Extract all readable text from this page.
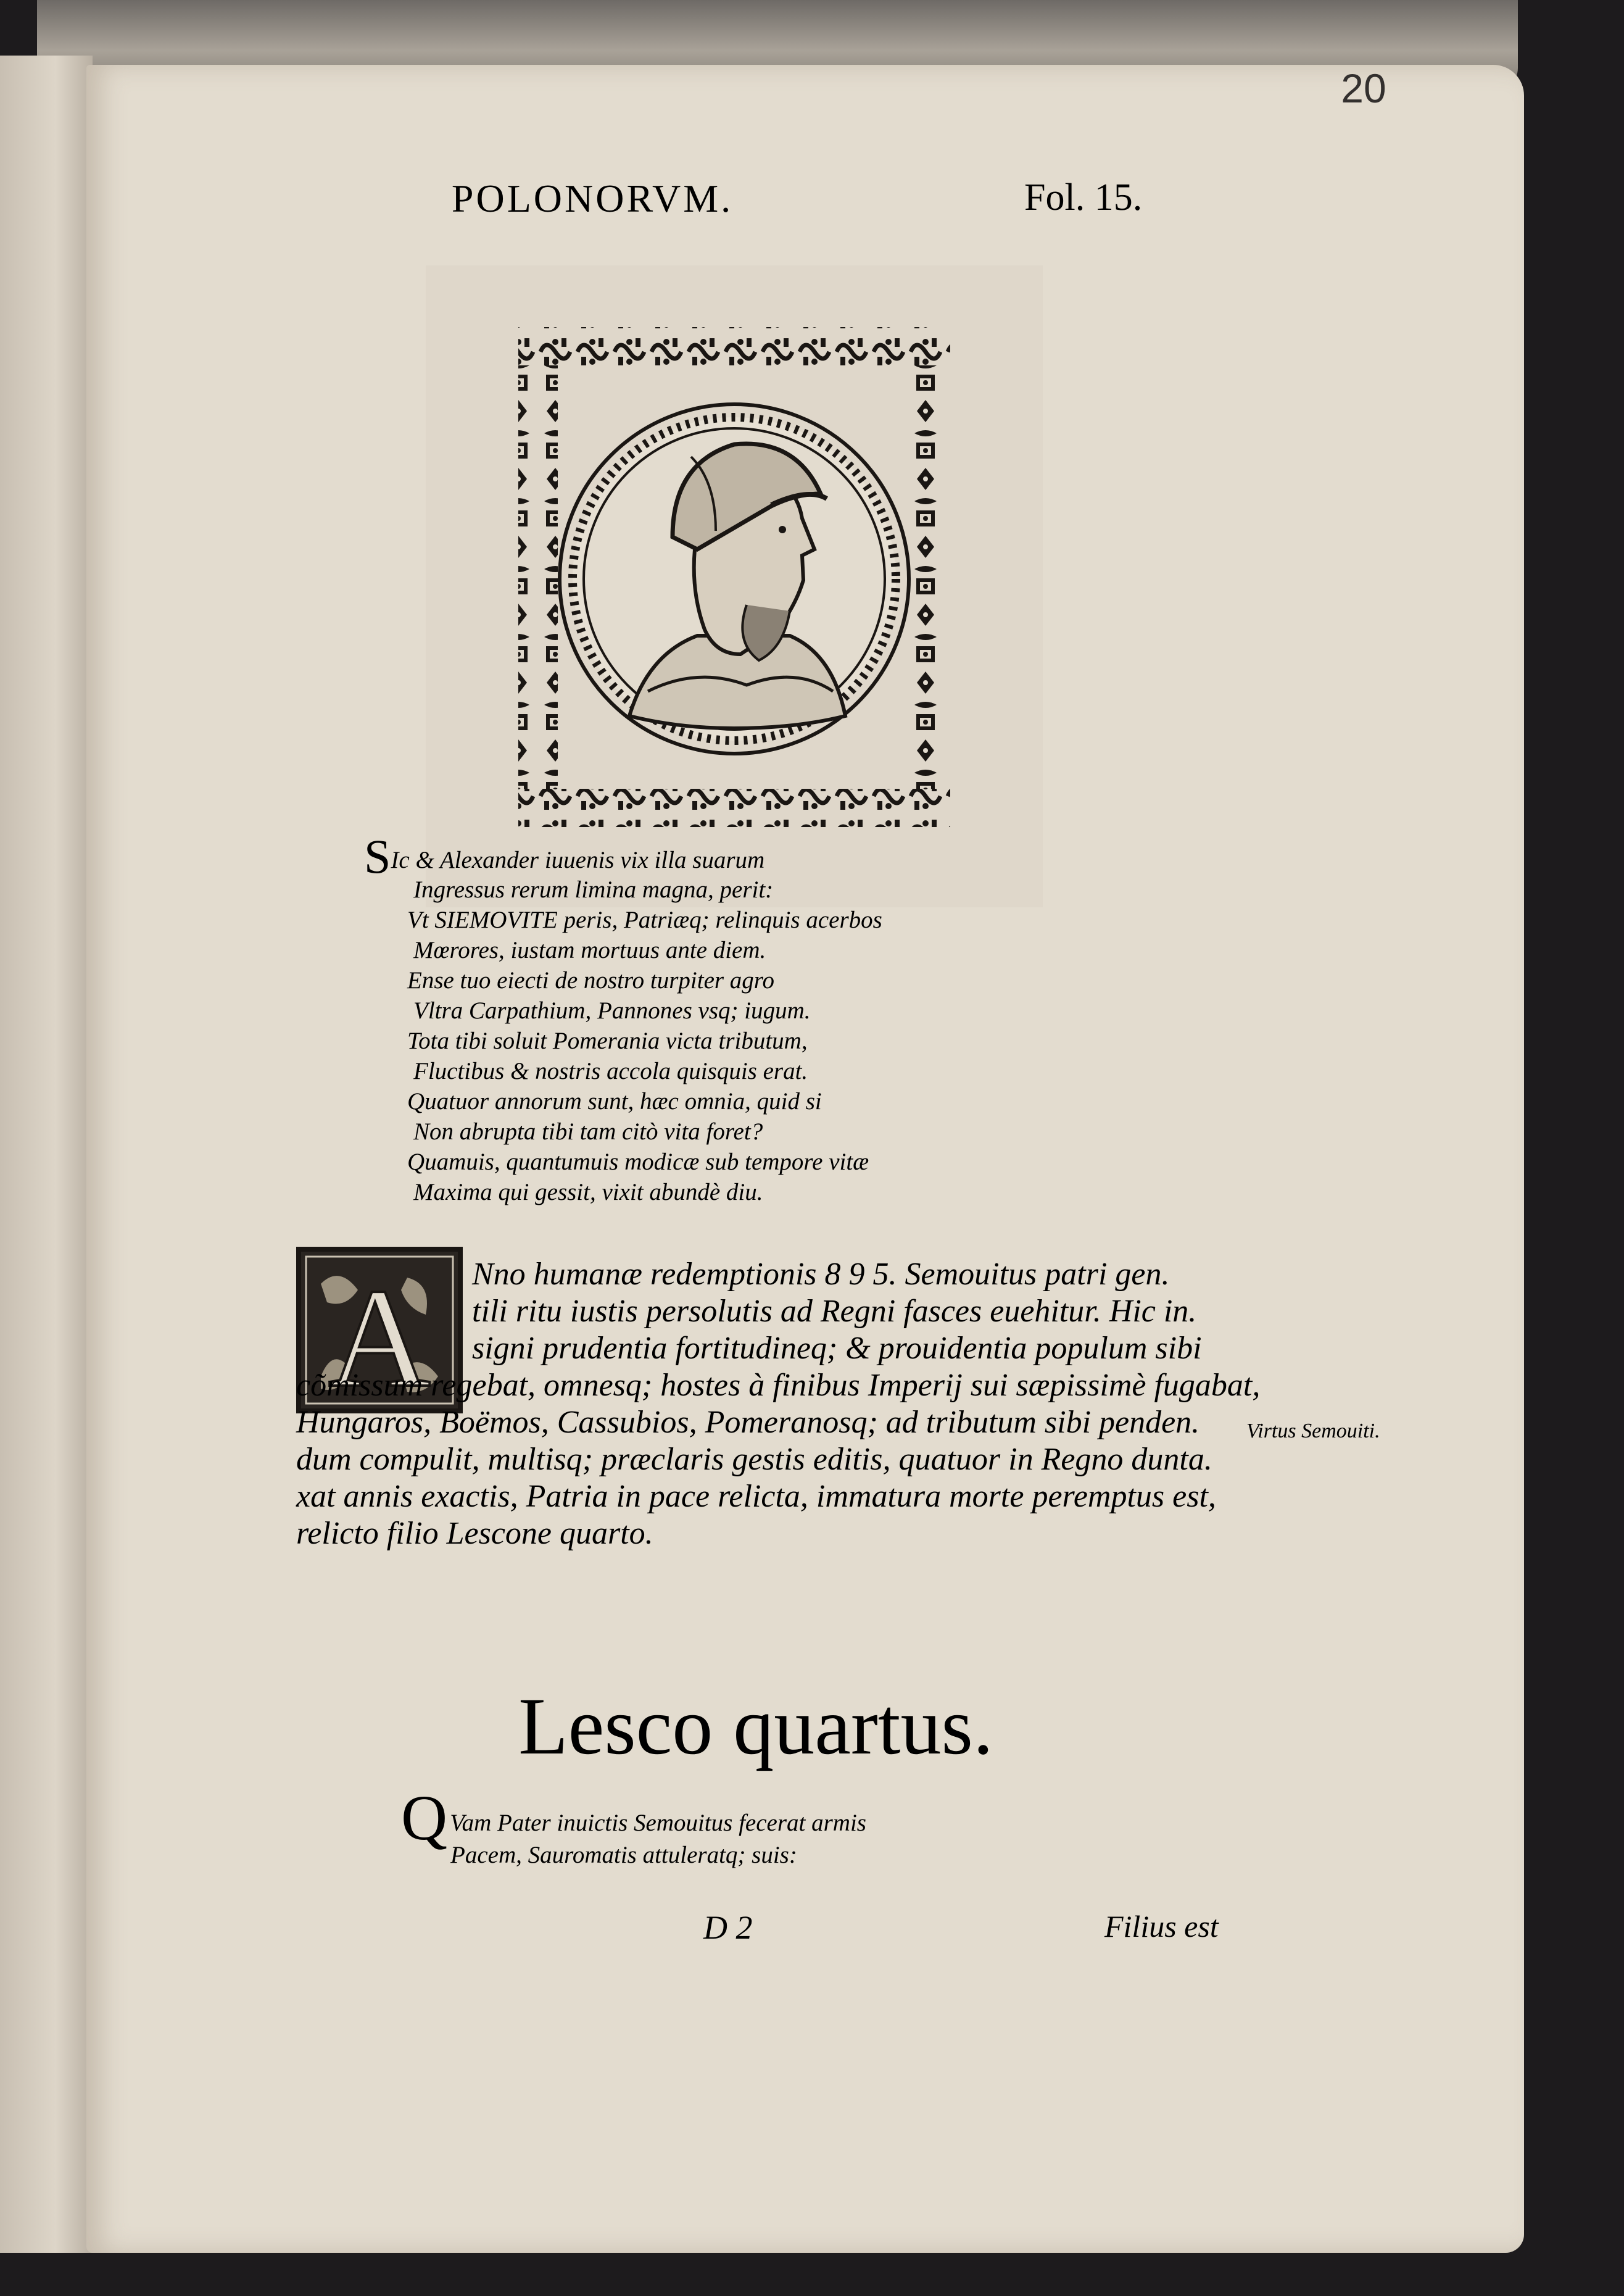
20
POLONORVM.	Fol. 15.
SIc & Alexander iuuenis vix illa suarum
Ingressus rerum limina magna, perit:
Vt SIEMOVITE peris, Patriæq; relinquis acerbos
Mœrores, iustam mortuus ante diem.
Ense tuo eiecti de nostro turpiter agro
Vltra Carpathium, Pannones vsq; iugum.
Tota tibi soluit Pomerania victa tributum,
Fluctibus & nostris accola quisquis erat.
Quatuor annorum sunt, hæc omnia, quid si
Non abrupta tibi tam citò vita foret?
Quamuis, quantumuis modicæ sub tempore vitæ
Maxima qui gessit, vixit abundè diu.
A	Nno humanæ redemptionis 8 9 5. Semouitus patri gen.
tili ritu iustis persolutis ad Regni fasces euehitur. Hic in.
signi prudentia fortitudineq; & prouidentia populum sibi
cõmissum regebat, omnesq; hostes à finibus Imperij sui sæpissimè fugabat,
Hungaros, Boëmos, Cassubios, Pomeranosq; ad tributum sibi penden.
dum compulit, multisq; præclaris gestis editis, quatuor in Regno dunta.
xat annis exactis, Patria in pace relicta, immatura morte peremptus est,
relicto filio Lescone quarto.
Virtus Semouiti.
Lesco quartus.
Q Vam Pater inuictis Semouitus fecerat armis
Pacem, Sauromatis attuleratq; suis:
D 2	Filius est
